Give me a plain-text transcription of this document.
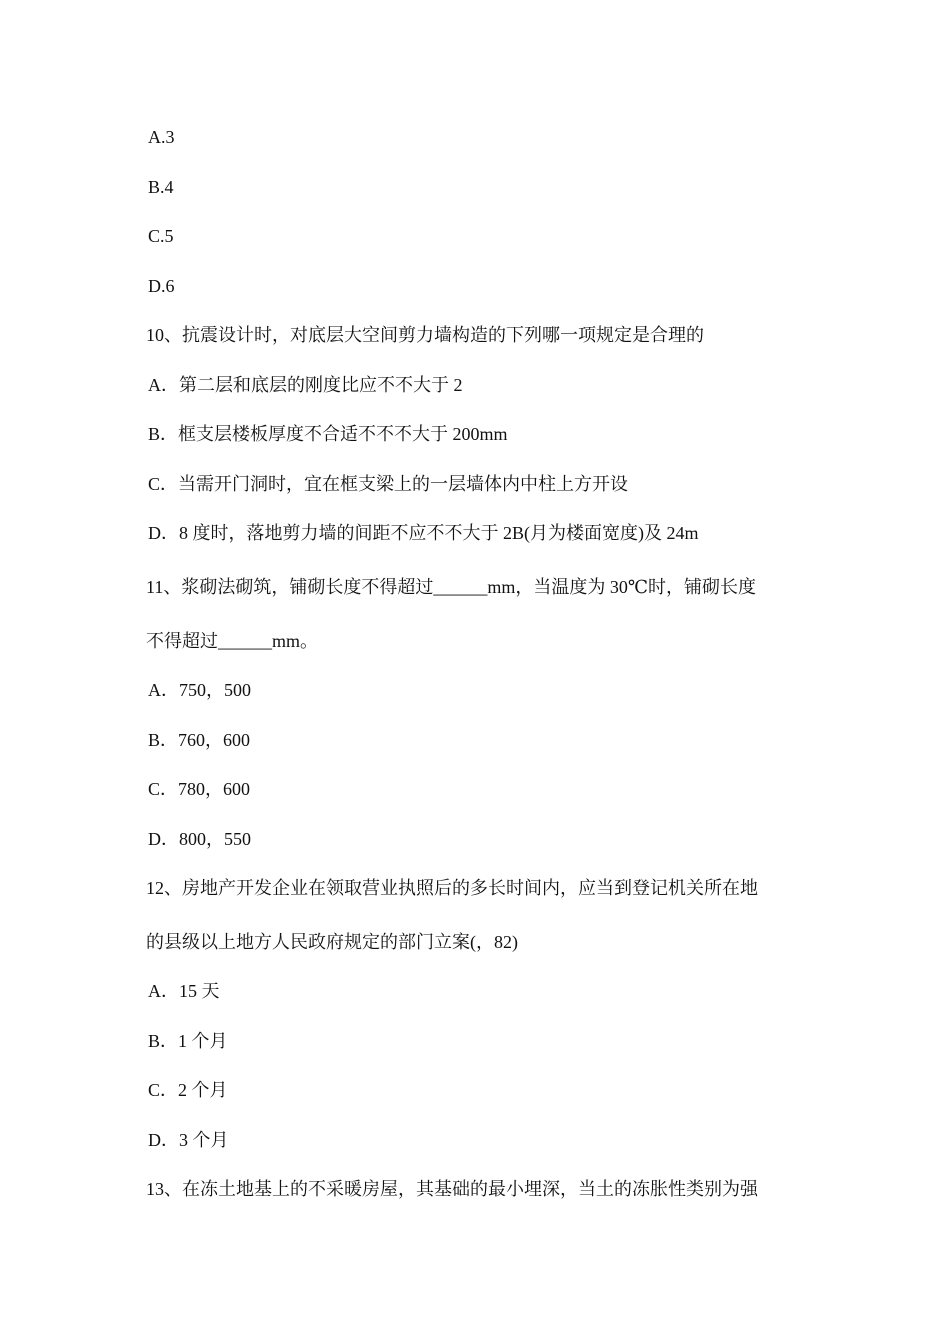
A.3
B.4
C.5
D.6
10、抗震设计时，对底层大空间剪力墙构造的下列哪一项规定是合理的
A．第二层和底层的刚度比应不不大于 2
B．框支层楼板厚度不合适不不不大于 200mm
C．当需开门洞时，宜在框支梁上的一层墙体内中柱上方开设
D．8 度时，落地剪力墙的间距不应不不大于 2B(月为楼面宽度)及 24m
11、浆砌法砌筑，铺砌长度不得超过______mm，当温度为 30℃时，铺砌长度
不得超过______mm。
A．750，500
B．760，600
C．780，600
D．800，550
12、房地产开发企业在领取营业执照后的多长时间内，应当到登记机关所在地
的县级以上地方人民政府规定的部门立案(，82)
A．15 天
B．1 个月
C．2 个月
D．3 个月
13、在冻土地基上的不采暖房屋，其基础的最小埋深，当土的冻胀性类别为强
